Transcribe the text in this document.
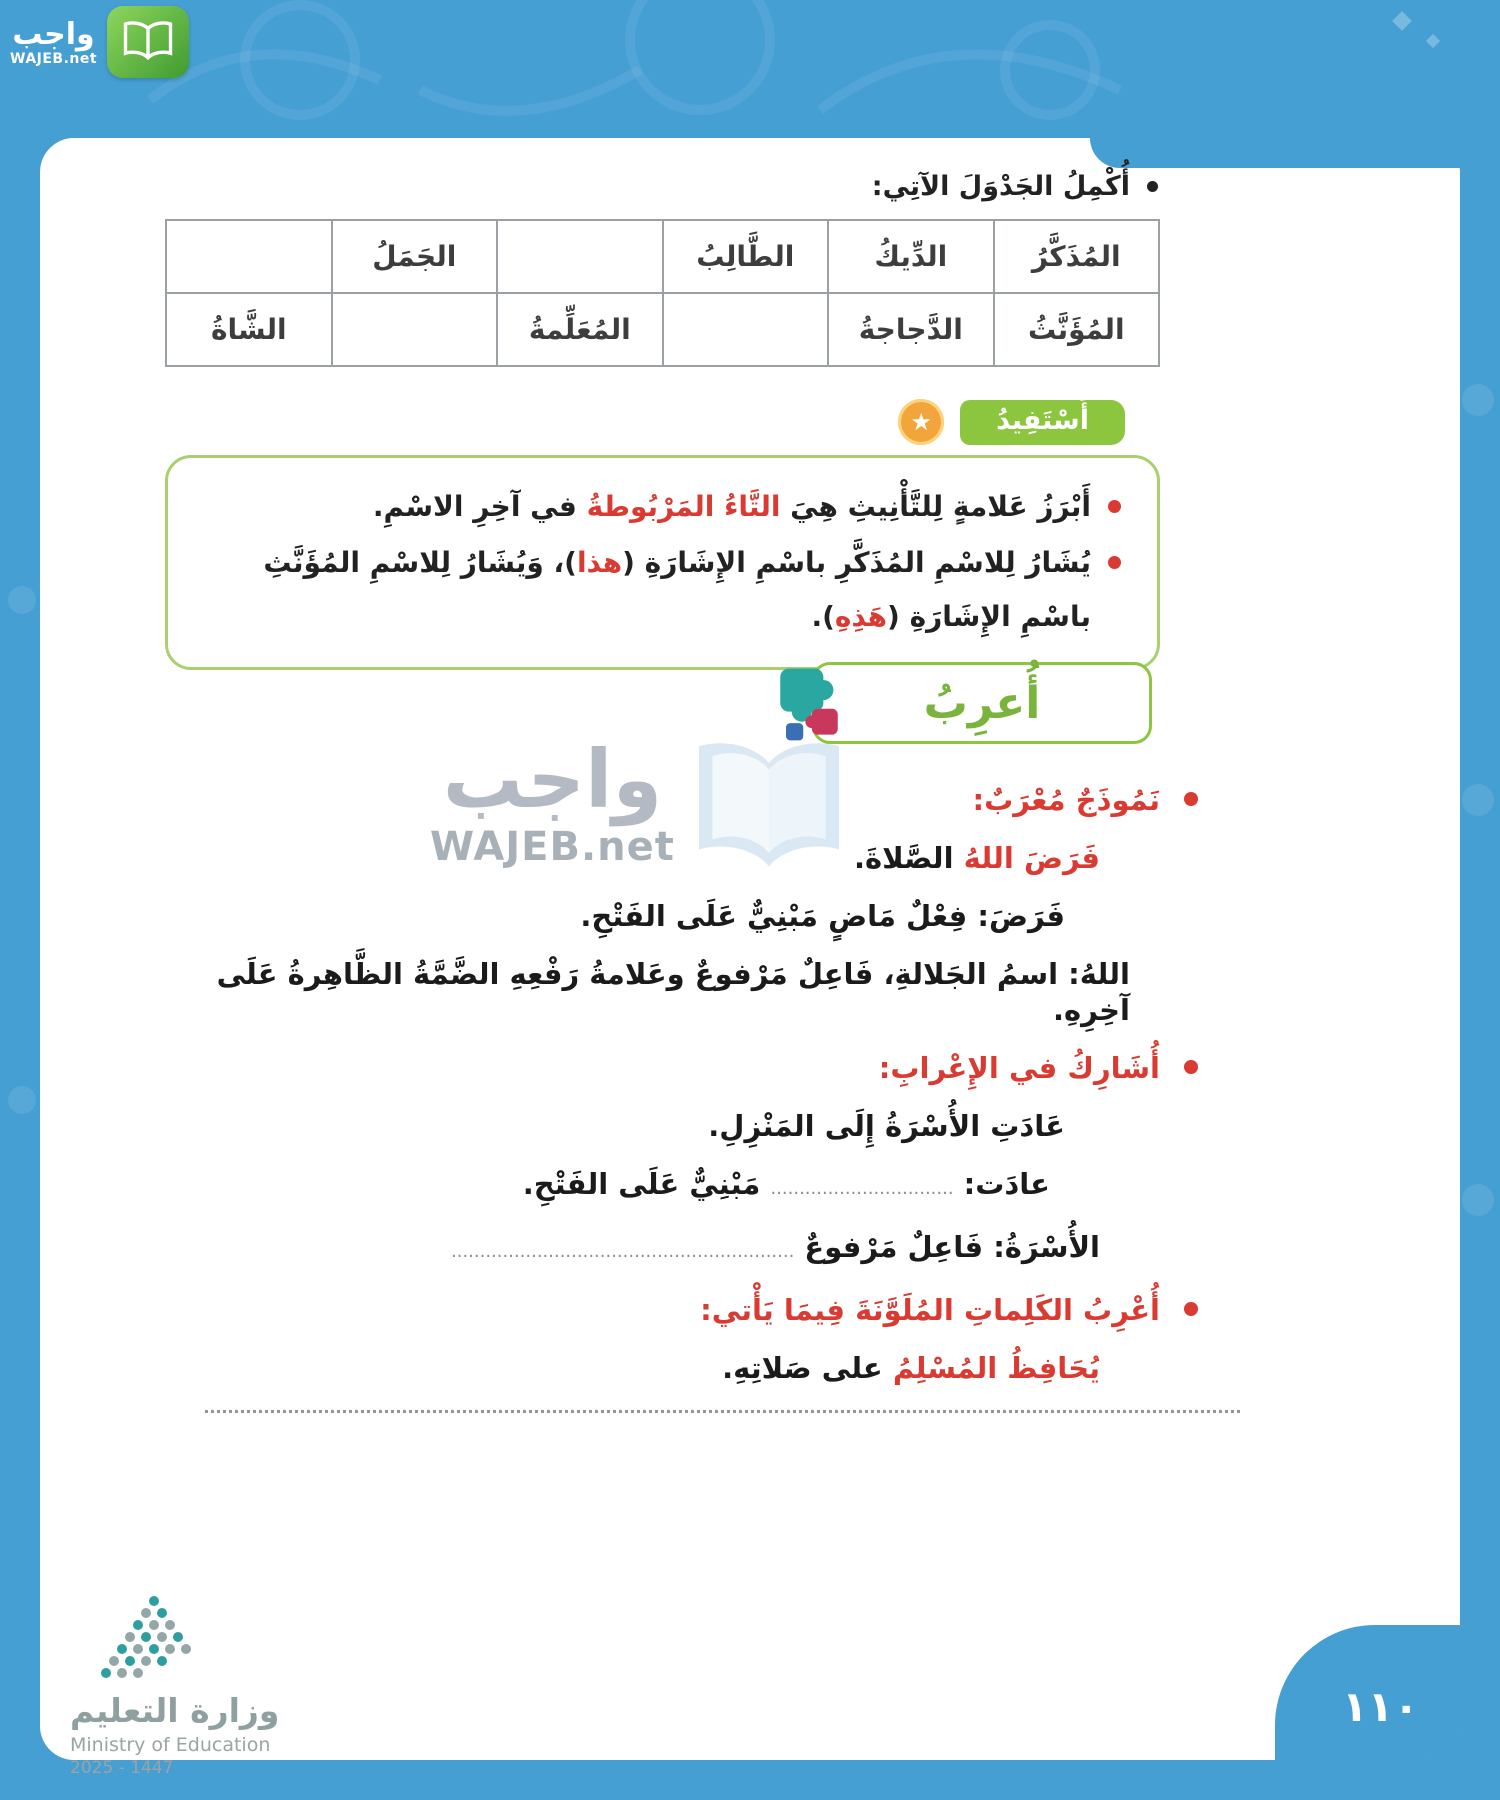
واجب
WAJEB.net
واجب
WAJEB.net
أُكْمِلُ الجَدْوَلَ الآتِي:
المُذَكَّرُ	الدِّيكُ	الطَّالِبُ		الجَمَلُ	
المُؤَنَّثُ	الدَّجاجةُ		المُعَلِّمةُ		الشَّاةُ
أَسْتَفِيدُ
★
أَبْرَزُ عَلامةٍ لِلتَّأْنِيثِ هِيَ التَّاءُ المَرْبُوطةُ في آخِرِ الاسْمِ.
يُشَارُ لِلاسْمِ المُذَكَّرِ باسْمِ الإِشَارَةِ (هذا)، وَيُشَارُ لِلاسْمِ المُؤَنَّثِ باسْمِ الإِشَارَةِ (هَذِهِ).
أُعرِبُ
نَمُوذَجٌ مُعْرَبٌ:
فَرَضَ اللهُ الصَّلاةَ.
فَرَضَ: فِعْلٌ مَاضٍ مَبْنِيٌّ عَلَى الفَتْحِ.
اللهُ: اسمُ الجَلالةِ، فَاعِلٌ مَرْفوعٌ وعَلامةُ رَفْعِهِ الضَّمَّةُ الظَّاهِرةُ عَلَى آخِرِهِ.
أُشَارِكُ في الإِعْرابِ:
عَادَتِ الأُسْرَةُ إِلَى المَنْزِلِ.
عادَت: ................................ مَبْنِيٌّ عَلَى الفَتْحِ.
الأُسْرَةُ: فَاعِلٌ مَرْفوعٌ ............................................................
أُعْرِبُ الكَلِماتِ المُلَوَّنَةَ فِيمَا يَأْتي:
يُحَافِظُ المُسْلِمُ على صَلاتِهِ.
١١٠
وزارة التعليم
Ministry of Education
2025 - 1447
